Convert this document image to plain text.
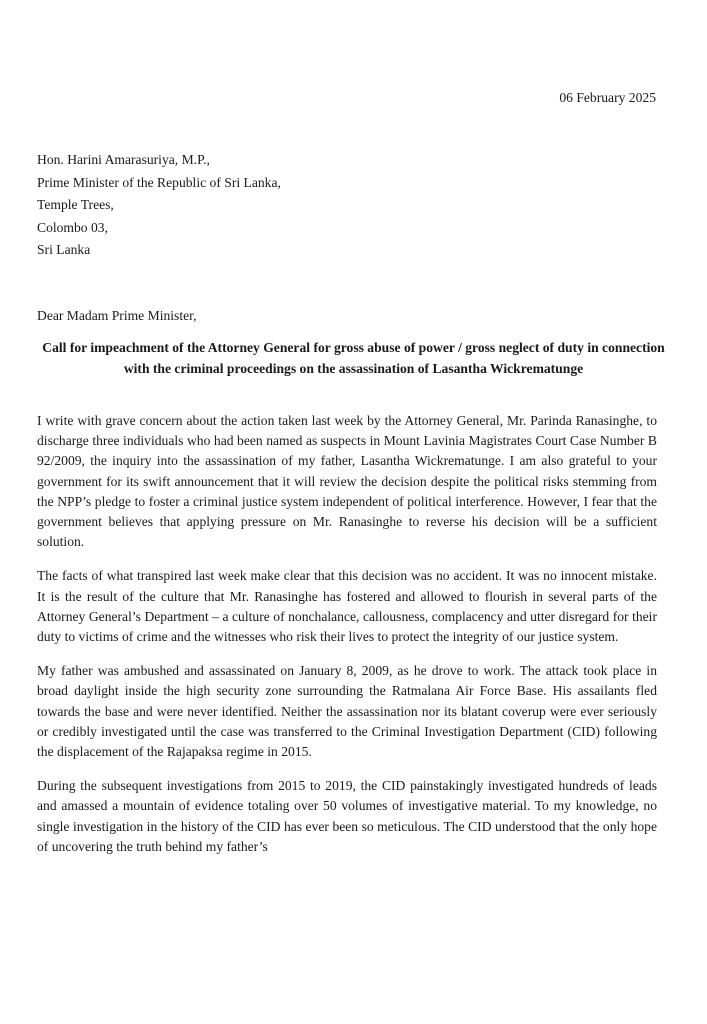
06 February 2025
Hon. Harini Amarasuriya, M.P.,
Prime Minister of the Republic of Sri Lanka,
Temple Trees,
Colombo 03,
Sri Lanka
Dear Madam Prime Minister,
Call for impeachment of the Attorney General for gross abuse of power / gross neglect of duty in connection with the criminal proceedings on the assassination of Lasantha Wickrematunge

I write with grave concern about the action taken last week by the Attorney General, Mr. Parinda Ranasinghe, to discharge three individuals who had been named as suspects in Mount Lavinia Magistrates Court Case Number B 92/2009, the inquiry into the assassination of my father, Lasantha Wickrematunge. I am also grateful to your government for its swift announcement that it will review the decision despite the political risks stemming from the NPP’s pledge to foster a criminal justice system independent of political interference. However, I fear that the government believes that applying pressure on Mr. Ranasinghe to reverse his decision will be a sufficient solution.

The facts of what transpired last week make clear that this decision was no accident. It was no innocent mistake. It is the result of the culture that Mr. Ranasinghe has fostered and allowed to flourish in several parts of the Attorney General’s Department – a culture of nonchalance, callousness, complacency and utter disregard for their duty to victims of crime and the witnesses who risk their lives to protect the integrity of our justice system.

My father was ambushed and assassinated on January 8, 2009, as he drove to work. The attack took place in broad daylight inside the high security zone surrounding the Ratmalana Air Force Base. His assailants fled towards the base and were never identified. Neither the assassination nor its blatant coverup were ever seriously or credibly investigated until the case was transferred to the Criminal Investigation Department (CID) following the displacement of the Rajapaksa regime in 2015.

During the subsequent investigations from 2015 to 2019, the CID painstakingly investigated hundreds of leads and amassed a mountain of evidence totaling over 50 volumes of investigative material. To my knowledge, no single investigation in the history of the CID has ever been so meticulous. The CID understood that the only hope of uncovering the truth behind my father’s
